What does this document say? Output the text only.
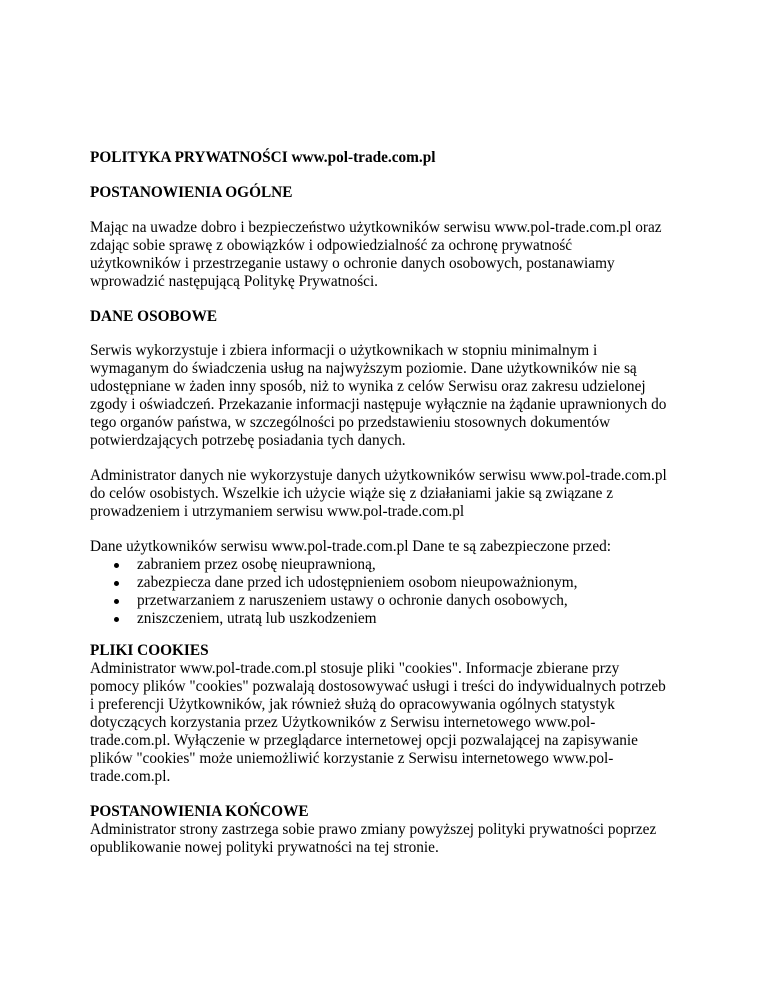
POLITYKA PRYWATNOŚCI www.pol-trade.com.pl
POSTANOWIENIA OGÓLNE
Mając na uwadze dobro i bezpieczeństwo użytkowników serwisu www.pol-trade.com.pl oraz
zdając sobie sprawę z obowiązków i odpowiedzialność za ochronę prywatność
użytkowników i przestrzeganie ustawy o ochronie danych osobowych, postanawiamy
wprowadzić następującą Politykę Prywatności.
DANE OSOBOWE
Serwis wykorzystuje i zbiera informacji o użytkownikach w stopniu minimalnym i
wymaganym do świadczenia usług na najwyższym poziomie. Dane użytkowników nie są
udostępniane w żaden inny sposób, niż to wynika z celów Serwisu oraz zakresu udzielonej
zgody i oświadczeń. Przekazanie informacji następuje wyłącznie na żądanie uprawnionych do
tego organów państwa, w szczególności po przedstawieniu stosownych dokumentów
potwierdzających potrzebę posiadania tych danych.
Administrator danych nie wykorzystuje danych użytkowników serwisu www.pol-trade.com.pl
do celów osobistych. Wszelkie ich użycie wiąże się z działaniami jakie są związane z
prowadzeniem i utrzymaniem serwisu www.pol-trade.com.pl
Dane użytkowników serwisu www.pol-trade.com.pl Dane te są zabezpieczone przed:
zabraniem przez osobę nieuprawnioną,
zabezpiecza dane przed ich udostępnieniem osobom nieupoważnionym,
przetwarzaniem z naruszeniem ustawy o ochronie danych osobowych,
zniszczeniem, utratą lub uszkodzeniem
PLIKI COOKIES
Administrator www.pol-trade.com.pl stosuje pliki "cookies". Informacje zbierane przy
pomocy plików "cookies" pozwalają dostosowywać usługi i treści do indywidualnych potrzeb
i preferencji Użytkowników, jak również służą do opracowywania ogólnych statystyk
dotyczących korzystania przez Użytkowników z Serwisu internetowego www.pol-
trade.com.pl. Wyłączenie w przeglądarce internetowej opcji pozwalającej na zapisywanie
plików "cookies" może uniemożliwić korzystanie z Serwisu internetowego www.pol-
trade.com.pl.
POSTANOWIENIA KOŃCOWE
Administrator strony zastrzega sobie prawo zmiany powyższej polityki prywatności poprzez
opublikowanie nowej polityki prywatności na tej stronie.
